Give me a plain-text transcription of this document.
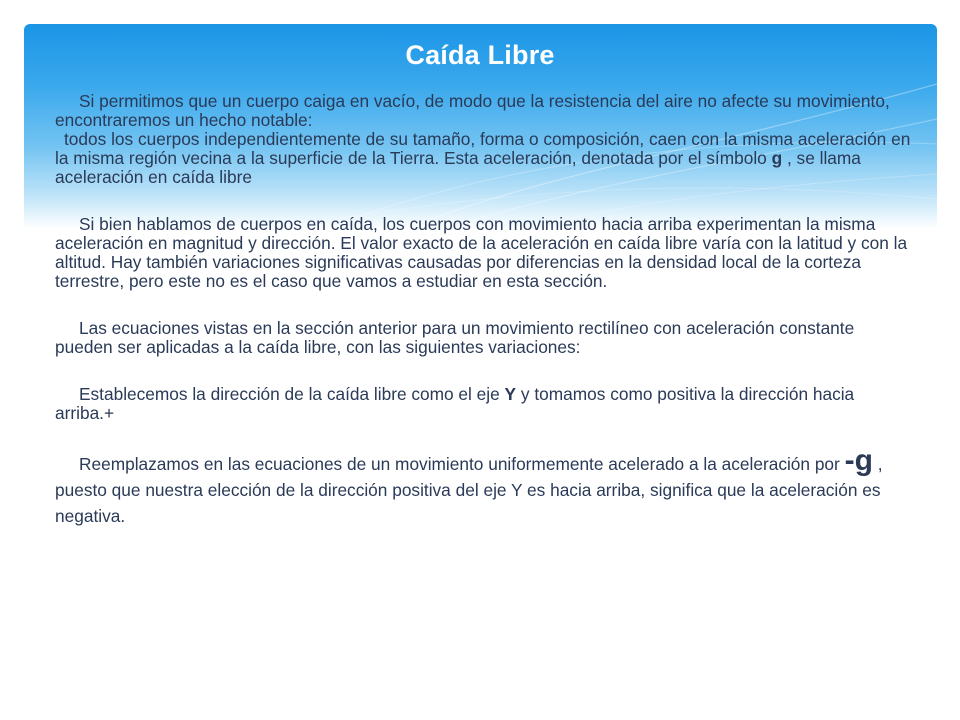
Caída Libre

Si permitimos que un cuerpo caiga en vacío, de modo que la resistencia del aire no afecte su movimiento, encontraremos un hecho notable:

todos los cuerpos independientemente de su tamaño, forma o composición, caen con la misma aceleración en la misma región vecina a la superficie de la Tierra. Esta aceleración, denotada por el símbolo g , se llama aceleración en caída libre

Si bien hablamos de cuerpos en caída, los cuerpos con movimiento hacia arriba experimentan la misma aceleración en magnitud y dirección. El valor exacto de la aceleración en caída libre varía con la latitud y con la altitud. Hay también variaciones significativas causadas por diferencias en la densidad local de la corteza terrestre, pero este no es el caso que vamos a estudiar en esta sección.

Las ecuaciones vistas en la sección anterior para un movimiento rectilíneo con aceleración constante pueden ser aplicadas a la caída libre, con las siguientes variaciones:

Establecemos la dirección de la caída libre como el eje Y y tomamos como positiva la dirección hacia arriba.+

Reemplazamos en las ecuaciones de un movimiento uniformemente acelerado a la aceleración por -g , puesto que nuestra elección de la dirección positiva del eje Y es hacia arriba, significa que la aceleración es negativa.
